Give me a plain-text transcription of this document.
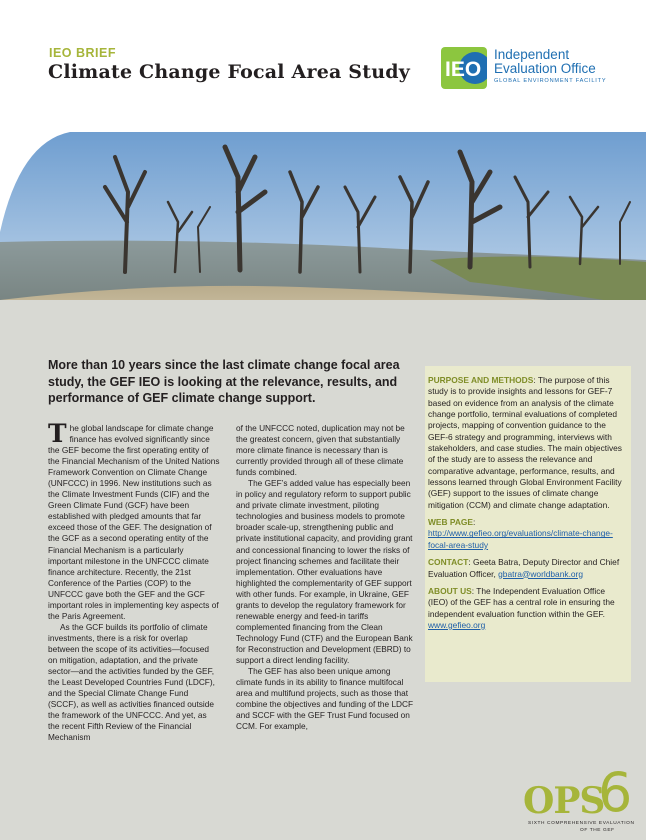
IEO BRIEF
Climate Change Focal Area Study IEO
Independent
Evaluation Office
GLOBAL ENVIRONMENT FACILITY
More than 10 years since the last climate change focal area study, the GEF IEO is looking at the relevance, results, and performance of GEF climate change support.

The global landscape for climate change finance has evolved significantly since the GEF become the first operating entity of the Financial Mechanism of the United Nations Framework Convention on Climate Change (UNFCCC) in 1996. New institutions such as the Climate Investment Funds (CIF) and the Green Climate Fund (GCF) have been established with pledged amounts that far exceed those of the GEF. The designation of the GCF as a second operating entity of the Financial Mechanism is a particularly important milestone in the UNFCCC climate finance architecture. Recently, the 21st Conference of the Parties (COP) to the UNFCCC gave both the GEF and the GCF important roles in implementing key aspects of the Paris Agreement.

As the GCF builds its portfolio of climate investments, there is a risk for overlap between the scope of its activities—focused on mitigation, adaptation, and the private sector—and the activities funded by the GEF, the Least Developed Countries Fund (LDCF), and the Special Climate Change Fund (SCCF), as well as activities financed outside the framework of the UNFCCC. And yet, as the recent Fifth Review of the Financial Mechanism

of the UNFCCC noted, duplication may not be the greatest concern, given that substantially more climate finance is necessary than is currently provided through all of these climate funds combined.

The GEF’s added value has especially been in policy and regulatory reform to support public and private climate investment, piloting technologies and business models to promote broader scale-up, strengthening public and private institutional capacity, and providing grant and concessional financing to lower the risks of project financing schemes and facilitate their implementation. Other evaluations have highlighted the complementarity of GEF support with other funds. For example, in Ukraine, GEF grants to develop the regulatory framework for renewable energy and feed-in tariffs complemented financing from the Clean Technology Fund (CTF) and the European Bank for Reconstruction and Development (EBRD) to support a direct lending facility.

The GEF has also been unique among climate funds in its ability to finance multifocal area and multifund projects, such as those that combine the objectives and funding of the LDCF and SCCF with the GEF Trust Fund focused on CCM. For example,

PURPOSE AND METHODS: The purpose of this study is to provide insights and lessons for GEF-7 based on evidence from an analysis of the climate change portfolio, terminal evaluations of completed projects, mapping of convention guidance to the GEF-6 strategy and programming, interviews with stakeholders, and case studies. The main objectives of the study are to assess the relevance and comparative advantage, performance, results, and lessons learned through Global Environment Facility (GEF) support to the issues of climate change mitigation (CCM) and climate change adaptation.

WEB PAGE: http://www.gefieo.org/evaluations/climate-change-focal-area-study

CONTACT: Geeta Batra, Deputy Director and Chief Evaluation Officer, gbatra@worldbank.org

ABOUT US: The Independent Evaluation Office (IEO) of the GEF has a central role in ensuring the independent evaluation function within the GEF. www.gefieo.org

OPS
6
SIXTH COMPREHENSIVE EVALUATION
OF THE GEF
